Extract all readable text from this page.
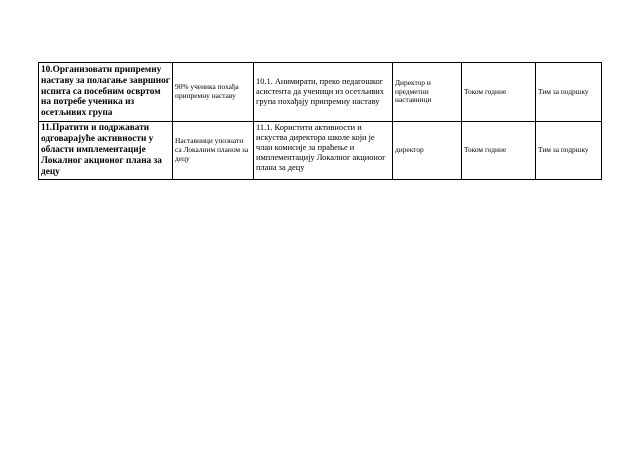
10.Организовати припремну наставу за полагање завршног испита са посебним освртом на потребе ученика из осетљивих група	90% ученика похађа припремну наставу	10.1. Анимирати, преко педагошког асистента да ученици из осетљивих група похађају припремну наставу	Директор и предметни наставници	Током године	Тим за подршку
11.Пратити и подржавати одговарајуће активности у области имплементације Локалног акционог плана за децу	Наставници упознати са Локалним планом за децу	11.1. Користити активности и искуства директора школе који је члан комисије за праћење и имплементацију Локалног акционог плана за децу	директор	Током године	Тим за подршку
